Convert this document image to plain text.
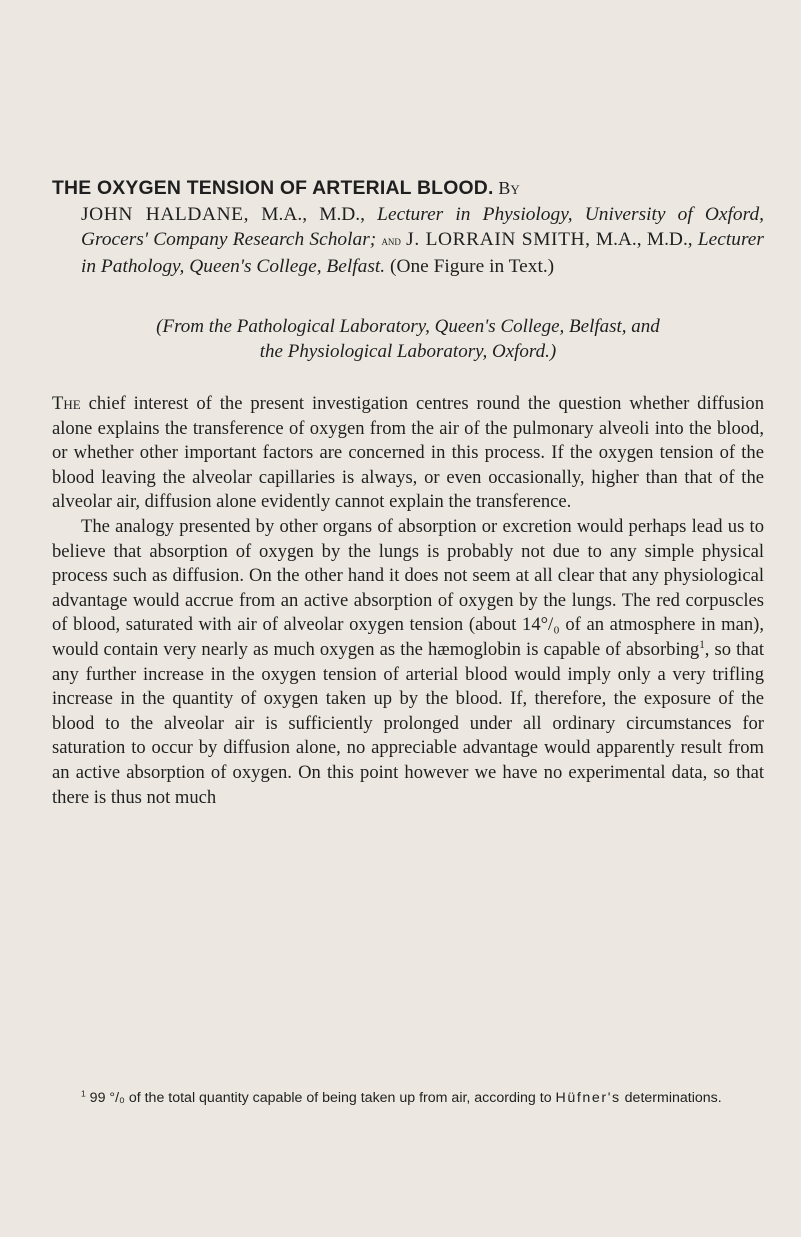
THE OXYGEN TENSION OF ARTERIAL BLOOD. By
JOHN HALDANE, M.A., M.D., Lecturer in Physiology, University of Oxford, Grocers' Company Research Scholar; and J. LORRAIN SMITH, M.A., M.D., Lecturer in Pathology, Queen's College, Belfast. (One Figure in Text.)
(From the Pathological Laboratory, Queen's College, Belfast, and
the Physiological Laboratory, Oxford.)

The chief interest of the present investigation centres round the question whether diffusion alone explains the transference of oxygen from the air of the pulmonary alveoli into the blood, or whether other important factors are concerned in this process. If the oxygen tension of the blood leaving the alveolar capillaries is always, or even occasionally, higher than that of the alveolar air, diffusion alone evidently cannot explain the transference.

The analogy presented by other organs of absorption or excretion would perhaps lead us to believe that absorption of oxygen by the lungs is probably not due to any simple physical process such as diffusion. On the other hand it does not seem at all clear that any physiological advantage would accrue from an active absorption of oxygen by the lungs. The red corpuscles of blood, saturated with air of alveolar oxygen tension (about 14°/₀ of an atmosphere in man), would contain very nearly as much oxygen as the hæmoglobin is capable of absorbing$^1$, so that any further increase in the oxygen tension of arterial blood would imply only a very trifling increase in the quantity of oxygen taken up by the blood. If, therefore, the exposure of the blood to the alveolar air is sufficiently prolonged under all ordinary circumstances for saturation to occur by diffusion alone, no appreciable advantage would apparently result from an active absorption of oxygen. On this point however we have no experimental data, so that there is thus not much

$^1$ 99 °/₀ of the total quantity capable of being taken up from air, according to Hüfner's determinations.
